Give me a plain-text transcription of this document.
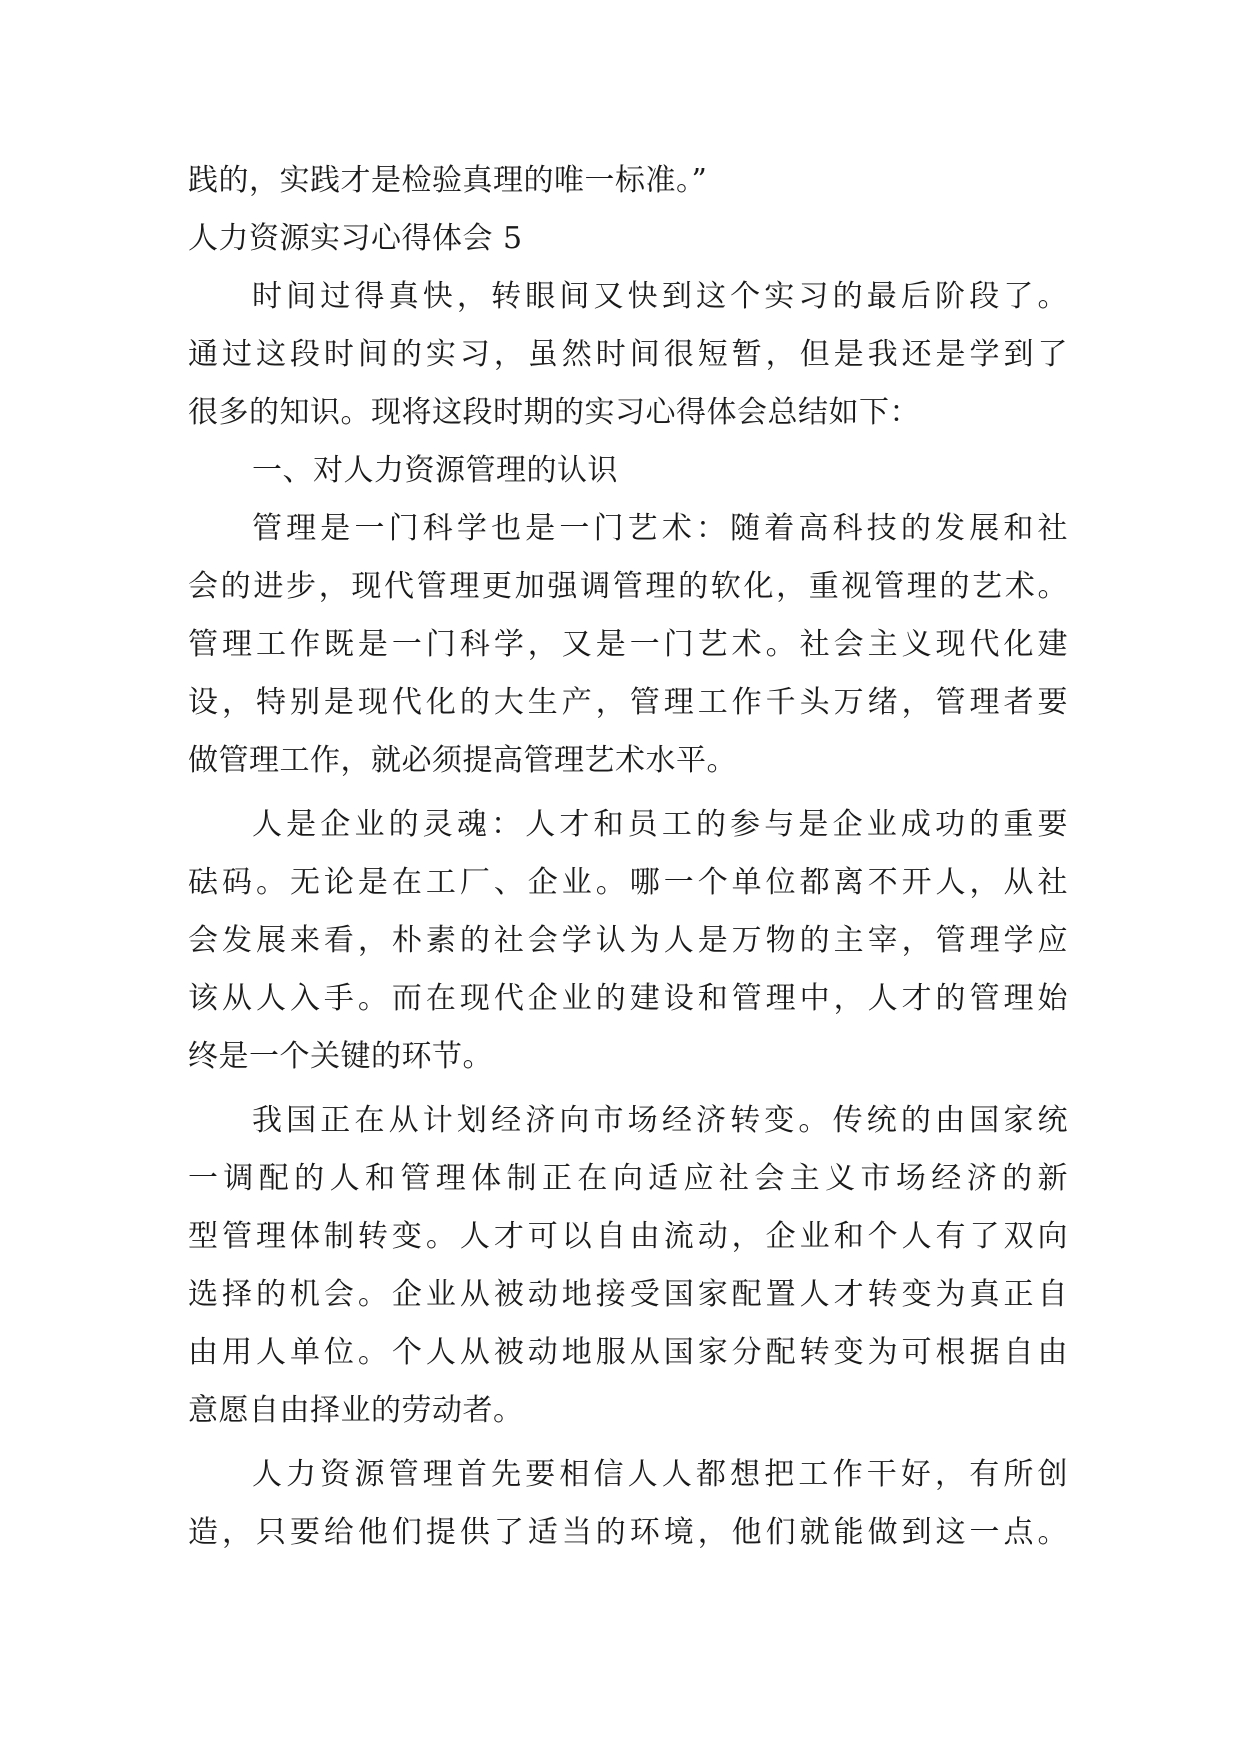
践的，实践才是检验真理的唯一标准。”
人力资源实习心得体会 5
时间过得真快，转眼间又快到这个实习的最后阶段了。
通过这段时间的实习，虽然时间很短暂，但是我还是学到了
很多的知识。现将这段时期的实习心得体会总结如下：
一、对人力资源管理的认识
管理是一门科学也是一门艺术：随着高科技的发展和社
会的进步，现代管理更加强调管理的软化，重视管理的艺术。
管理工作既是一门科学，又是一门艺术。社会主义现代化建
设，特别是现代化的大生产，管理工作千头万绪，管理者要
做管理工作，就必须提高管理艺术水平。
人是企业的灵魂：人才和员工的参与是企业成功的重要
砝码。无论是在工厂、企业。哪一个单位都离不开人，从社
会发展来看，朴素的社会学认为人是万物的主宰，管理学应
该从人入手。而在现代企业的建设和管理中，人才的管理始
终是一个关键的环节。
我国正在从计划经济向市场经济转变。传统的由国家统
一调配的人和管理体制正在向适应社会主义市场经济的新
型管理体制转变。人才可以自由流动，企业和个人有了双向
选择的机会。企业从被动地接受国家配置人才转变为真正自
由用人单位。个人从被动地服从国家分配转变为可根据自由
意愿自由择业的劳动者。
人力资源管理首先要相信人人都想把工作干好，有所创
造，只要给他们提供了适当的环境，他们就能做到这一点。
